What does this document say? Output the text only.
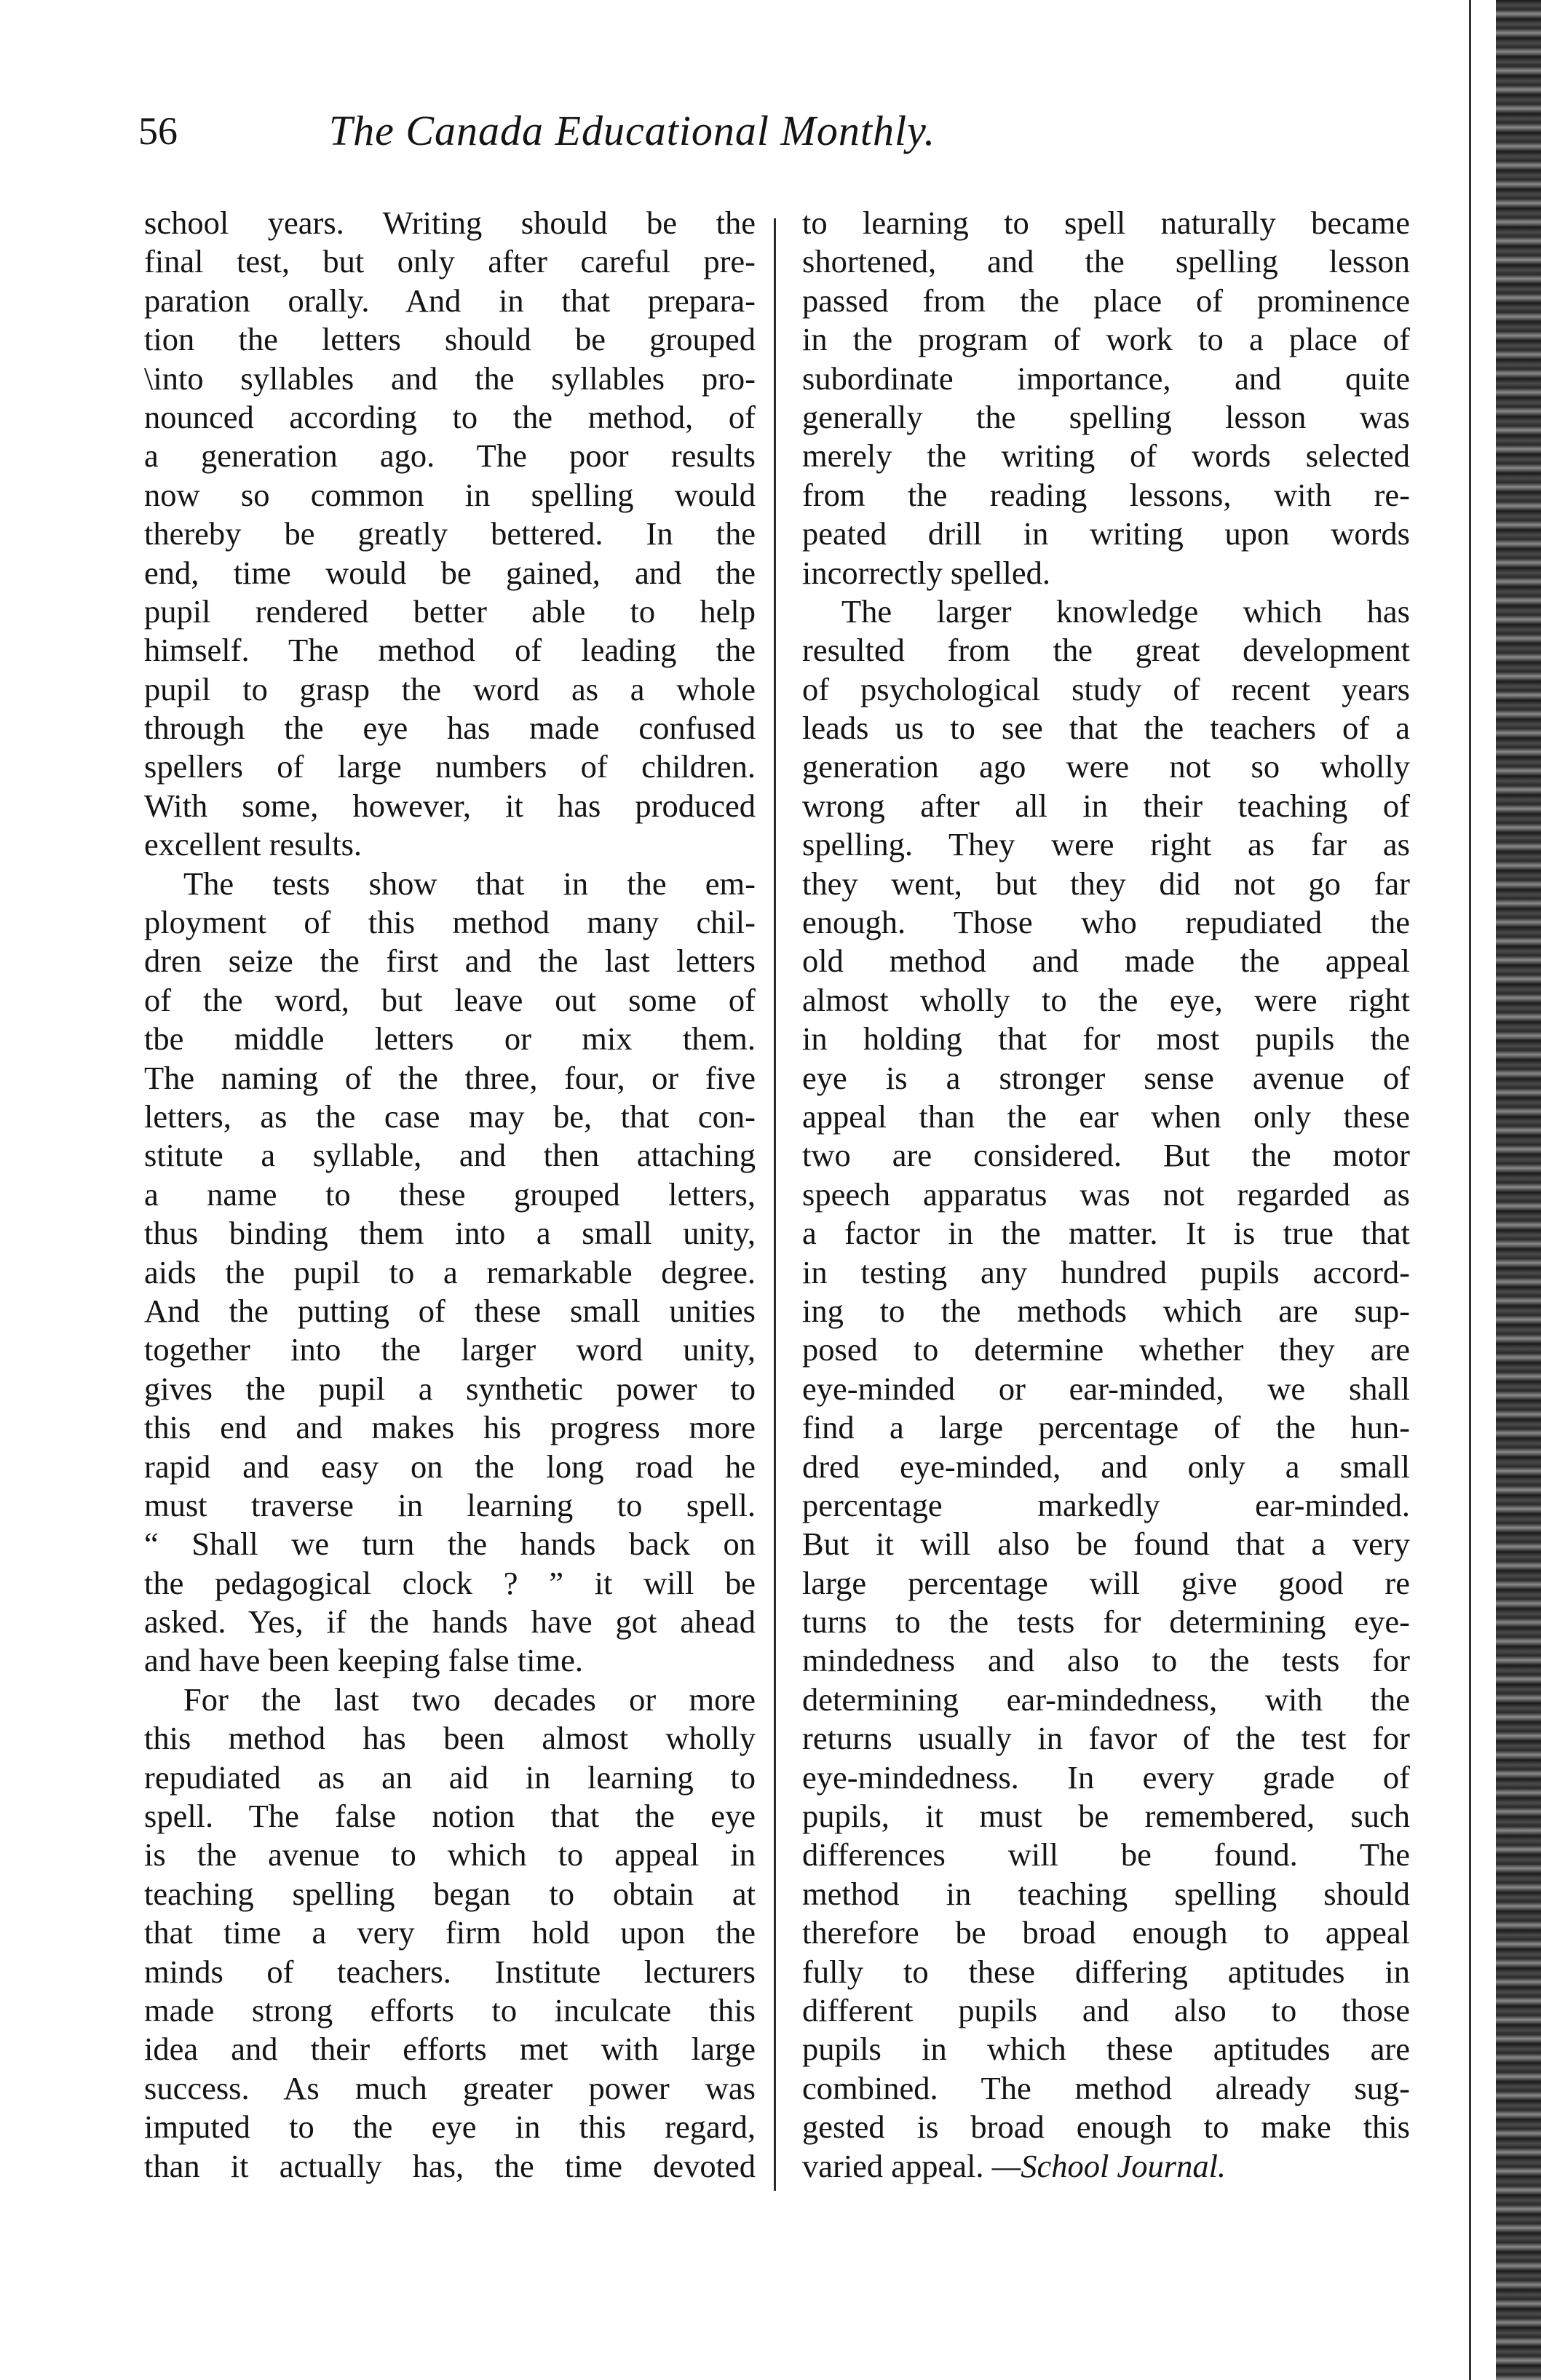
56	The Canada Educational Monthly.

school years. Writing should be the

final test, but only after careful pre-

paration orally. And in that prepara-

tion the letters should be grouped

\into syllables and the syllables pro-

nounced according to the method, of

a generation ago. The poor results

now so common in spelling would

thereby be greatly bettered. In the

end, time would be gained, and the

pupil rendered better able to help

himself. The method of leading the

pupil to grasp the word as a whole

through the eye has made confused

spellers of large numbers of children.

With some, however, it has produced

excellent results.

The tests show that in the em-

ployment of this method many chil-

dren seize the first and the last letters

of the word, but leave out some of

tbe middle letters or mix them.

The naming of the three, four, or five

letters, as the case may be, that con-

stitute a syllable, and then attaching

a name to these grouped letters,

thus binding them into a small unity,

aids the pupil to a remarkable degree.

And the putting of these small unities

together into the larger word unity,

gives the pupil a synthetic power to

this end and makes his progress more

rapid and easy on the long road he

must traverse in learning to spell.

“ Shall we turn the hands back on

the pedagogical clock ? ” it will be

asked. Yes, if the hands have got ahead

and have been keeping false time.

For the last two decades or more

this method has been almost wholly

repudiated as an aid in learning to

spell. The false notion that the eye

is the avenue to which to appeal in

teaching spelling began to obtain at

that time a very firm hold upon the

minds of teachers. Institute lecturers

made strong efforts to inculcate this

idea and their efforts met with large

success. As much greater power was

imputed to the eye in this regard,

than it actually has, the time devoted

to learning to spell naturally became

shortened, and the spelling lesson

passed from the place of prominence

in the program of work to a place of

subordinate importance, and quite

generally the spelling lesson was

merely the writing of words selected

from the reading lessons, with re-

peated drill in writing upon words

incorrectly spelled.

The larger knowledge which has

resulted from the great development

of psychological study of recent years

leads us to see that the teachers of a

generation ago were not so wholly

wrong after all in their teaching of

spelling. They were right as far as

they went, but they did not go far

enough. Those who repudiated the

old method and made the appeal

almost wholly to the eye, were right

in holding that for most pupils the

eye is a stronger sense avenue of

appeal than the ear when only these

two are considered. But the motor

speech apparatus was not regarded as

a factor in the matter. It is true that

in testing any hundred pupils accord-

ing to the methods which are sup-

posed to determine whether they are

eye-minded or ear-minded, we shall

find a large percentage of the hun-

dred eye-minded, and only a small

percentage markedly ear-minded.

But it will also be found that a very

large percentage will give good re

turns to the tests for determining eye-

mindedness and also to the tests for

determining ear-mindedness, with the

returns usually in favor of the test for

eye-mindedness. In every grade of

pupils, it must be remembered, such

differences will be found. The

method in teaching spelling should

therefore be broad enough to appeal

fully to these differing aptitudes in

different pupils and also to those

pupils in which these aptitudes are

combined. The method already sug-

gested is broad enough to make this

varied appeal. —School Journal.
